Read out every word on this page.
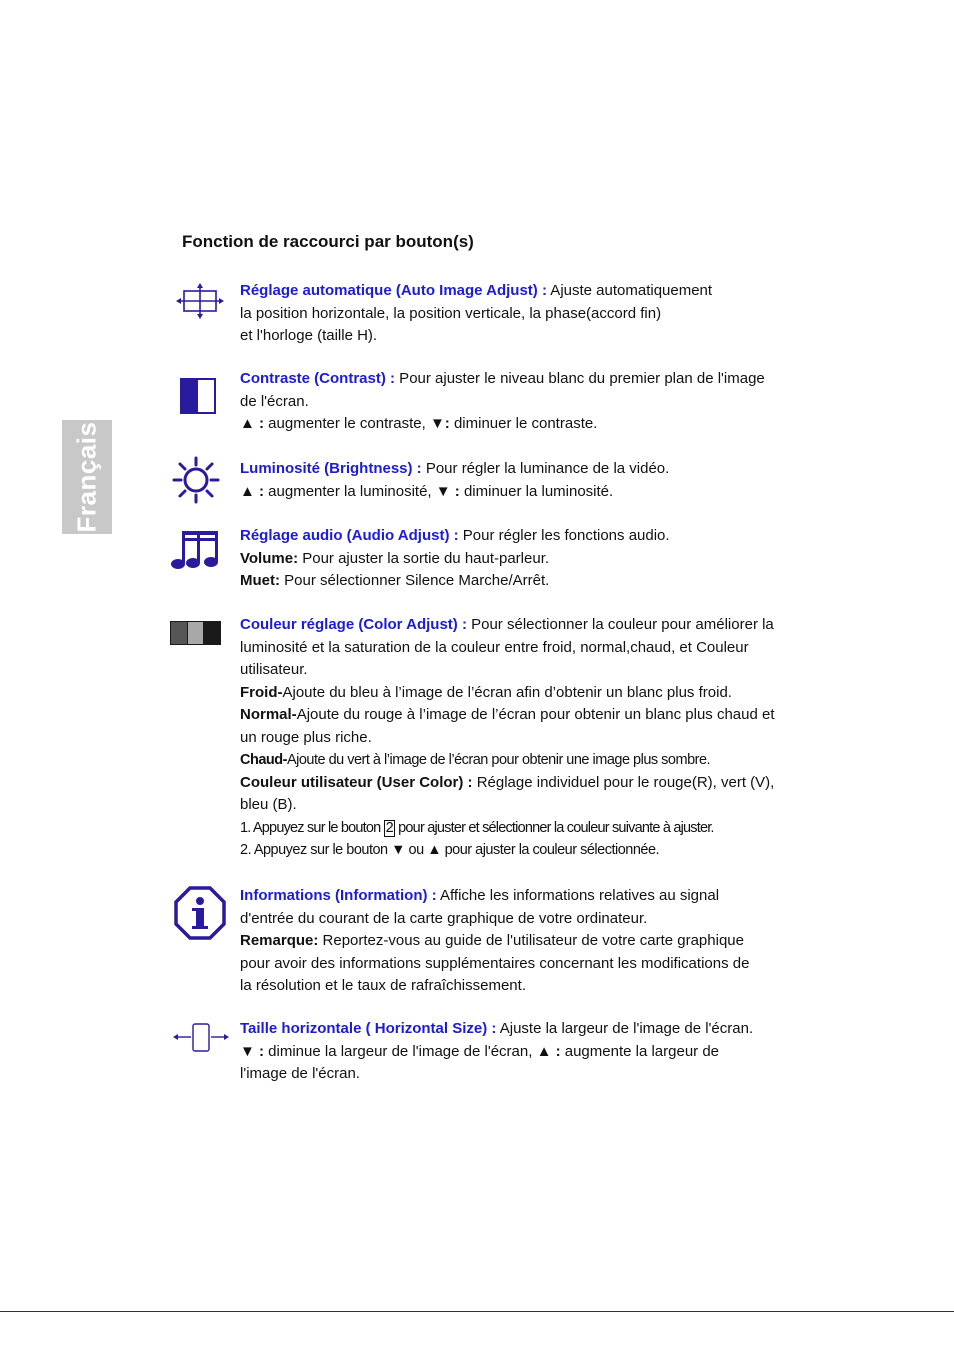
Français
Fonction de raccourci par bouton(s)

Réglage automatique (Auto Image Adjust) : Ajuste automatiquement

la position horizontale, la position verticale, la phase(accord fin)

et l'horloge (taille H).

Contraste (Contrast) : Pour ajuster le niveau blanc du premier plan de l'image de l'écran.

▲ : augmenter le contraste, ▼: diminuer le contraste.

Luminosité (Brightness) : Pour régler la luminance de la vidéo.

▲ : augmenter la luminosité, ▼ : diminuer la luminosité.

Réglage audio (Audio Adjust) : Pour régler les fonctions audio.

Volume: Pour ajuster la sortie du haut-parleur.

Muet: Pour sélectionner Silence Marche/Arrêt.

Couleur réglage (Color Adjust) : Pour sélectionner la couleur pour améliorer la luminosité et la saturation de la couleur entre froid, normal,chaud, et Couleur utilisateur.

Froid-Ajoute du bleu à l’image de l’écran afin d’obtenir un blanc plus froid.

Normal-Ajoute du rouge à l’image de l’écran pour obtenir un blanc plus chaud et un rouge plus riche.

Chaud-Ajoute du vert à l’image de l’écran pour obtenir une image plus sombre.

Couleur utilisateur (User Color) : Réglage individuel pour le rouge(R), vert (V), bleu (B).

1. Appuyez sur le bouton 2 pour ajuster et sélectionner la couleur suivante à ajuster.

2. Appuyez sur le bouton ▼ ou ▲ pour ajuster la couleur sélectionnée.

Informations (Information) : Affiche les informations relatives au signal d'entrée du courant de la carte graphique de votre ordinateur.

Remarque: Reportez-vous au guide de l'utilisateur de votre carte graphique pour avoir des informations supplémentaires concernant les modifications de la résolution et le taux de rafraîchissement.

Taille horizontale ( Horizontal Size) : Ajuste la largeur de l'image de l'écran.

▼ : diminue la largeur de l'image de l'écran, ▲ : augmente la largeur de l'image de l'écran.
